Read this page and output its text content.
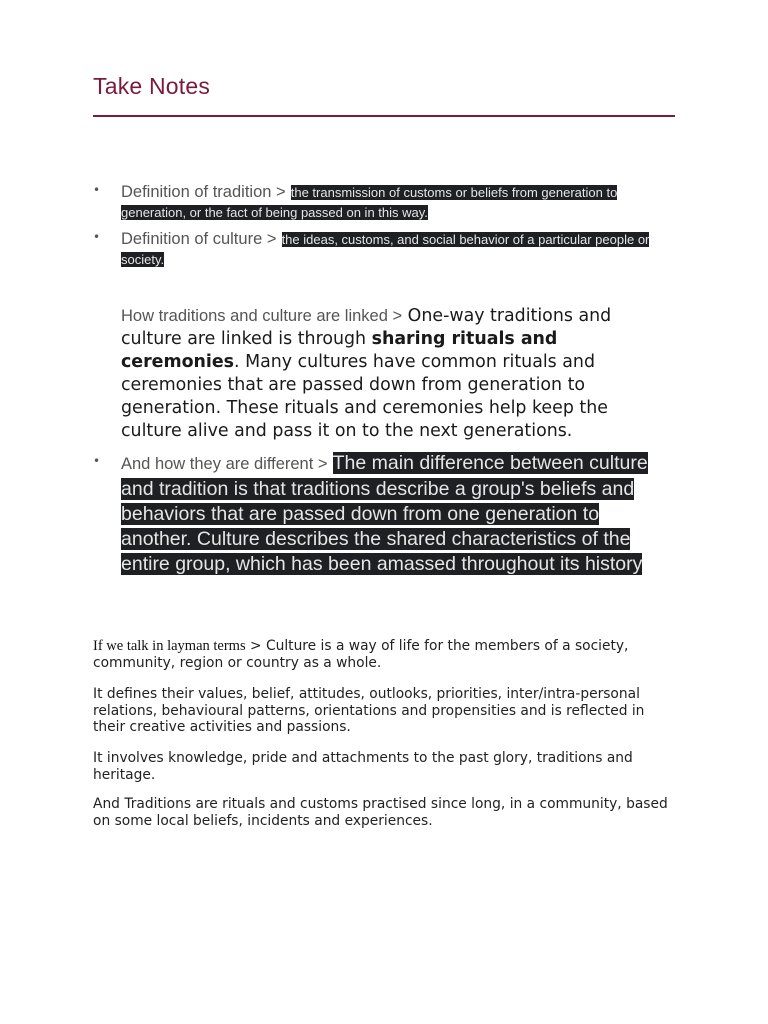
Take Notes
• Definition of tradition > the transmission of customs or beliefs from generation to generation, or the fact of being passed on in this way.
• Definition of culture > the ideas, customs, and social behavior of a particular people or society.
How traditions and culture are linked > One-way traditions and culture are linked is through sharing rituals and ceremonies. Many cultures have common rituals and ceremonies that are passed down from generation to generation. These rituals and ceremonies help keep the culture alive and pass it on to the next generations.
• And how they are different > The main difference between culture and tradition is that traditions describe a group's beliefs and behaviors that are passed down from one generation to another. Culture describes the shared characteristics of the entire group, which has been amassed throughout its history

If we talk in layman terms > Culture is a way of life for the members of a society, community, region or country as a whole.

It defines their values, belief, attitudes, outlooks, priorities, inter/intra-personal relations, behavioural patterns, orientations and propensities and is reflected in their creative activities and passions.

It involves knowledge, pride and attachments to the past glory, traditions and heritage.

And Traditions are rituals and customs practised since long, in a community, based on some local beliefs, incidents and experiences.
